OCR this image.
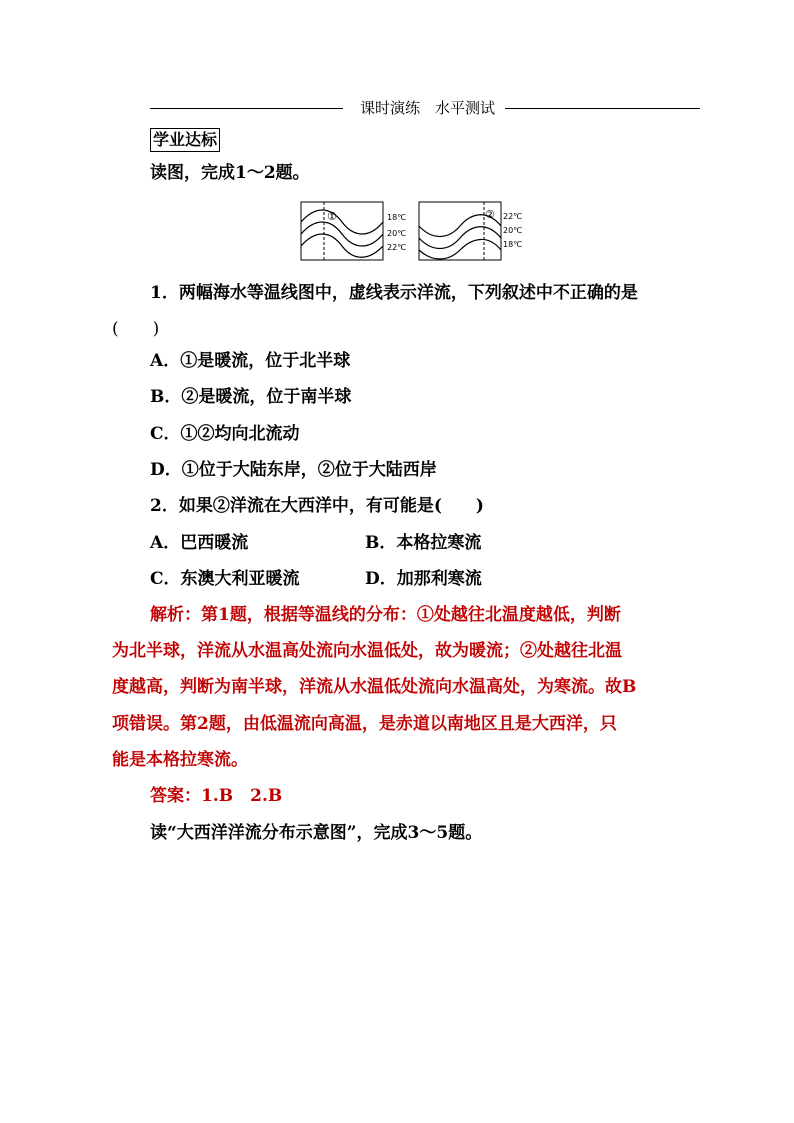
课时演练　水平测试
学业达标
读图，完成1～2题。
①	18℃
20℃
22℃
② 22℃
20℃
18℃
1．两幅海水等温线图中，虚线表示洋流，下列叙述中不正确的是
(　　)
A．①是暖流，位于北半球
B．②是暖流，位于南半球
C．①②均向北流动
D．①位于大陆东岸，②位于大陆西岸
2．如果②洋流在大西洋中，有可能是(　　)
A．巴西暖流	B．本格拉寒流
C．东澳大利亚暖流	D．加那利寒流
解析：第1题，根据等温线的分布：①处越往北温度越低，判断
为北半球，洋流从水温高处流向水温低处，故为暖流；②处越往北温
度越高，判断为南半球，洋流从水温低处流向水温高处，为寒流。故B
项错误。第2题，由低温流向高温，是赤道以南地区且是大西洋，只
能是本格拉寒流。
答案：1.B　2.B
读“大西洋洋流分布示意图”，完成3～5题。
